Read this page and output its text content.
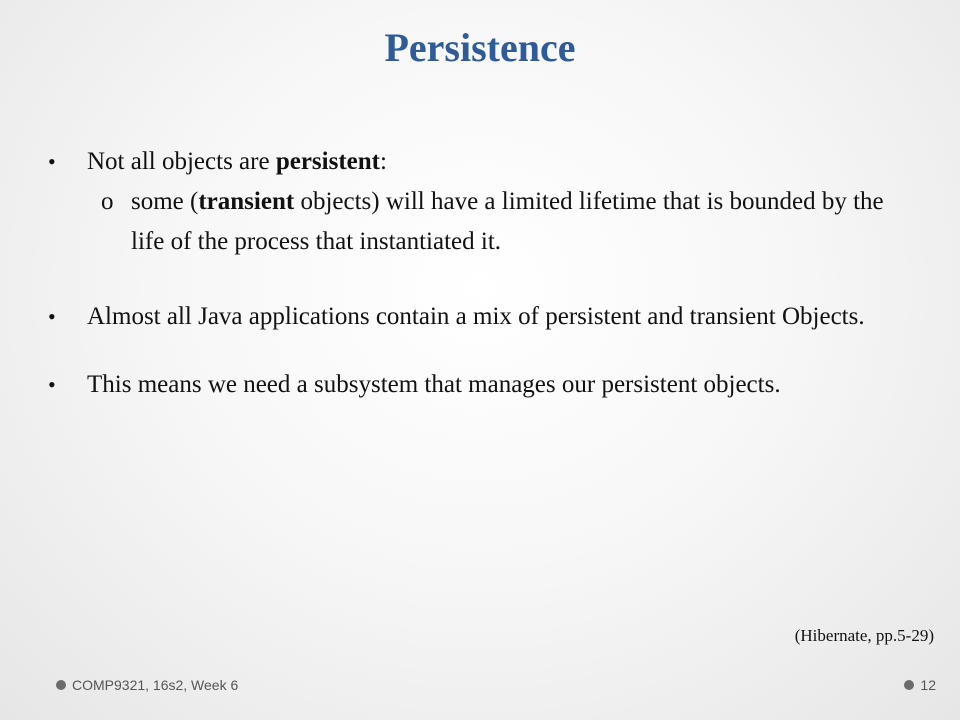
Persistence
•	Not all objects are persistent:
o some (transient objects) will have a limited lifetime that is bounded by the life of the process that instantiated it.
•	Almost all Java applications contain a mix of persistent and transient Objects.
•	This means we need a subsystem that manages our persistent objects.
(Hibernate, pp.5-29)
COMP9321, 16s2, Week 6	12
